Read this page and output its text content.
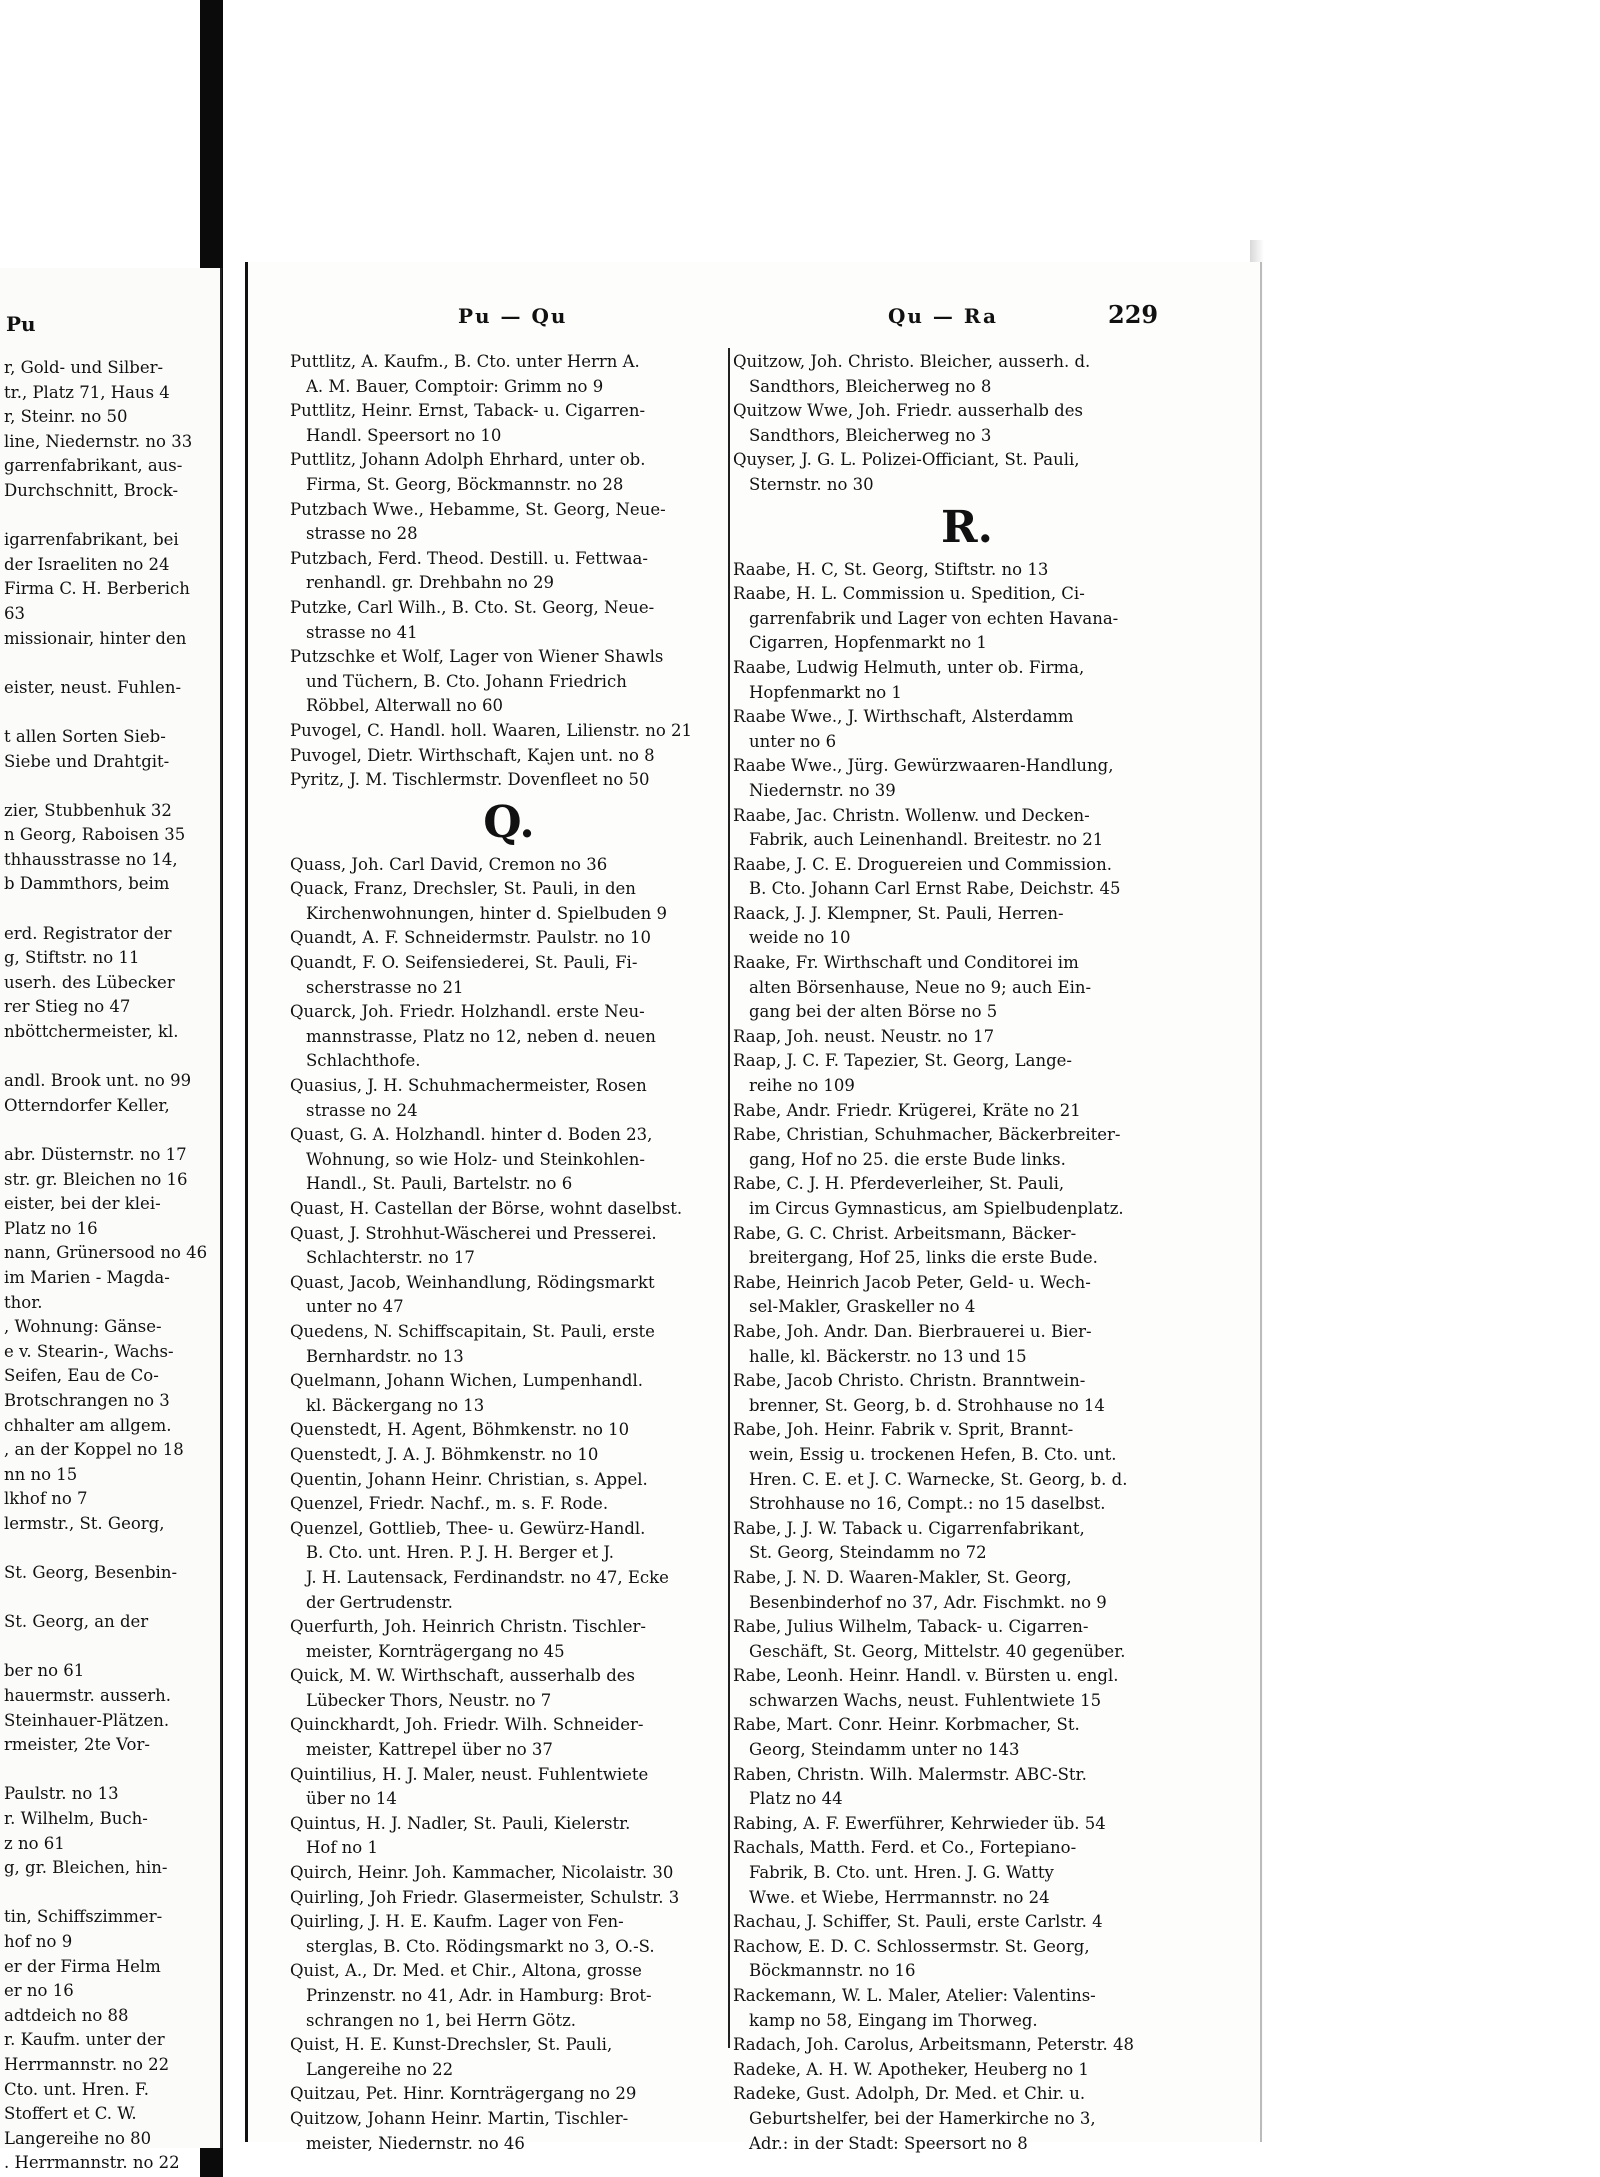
Pu
r, Gold- und Silber-
tr., Platz 71, Haus 4
r, Steinr. no 50
line, Niedernstr. no 33
garrenfabrikant, aus-
Durchschnitt, Brock-
igarrenfabrikant, bei
der Israeliten no 24
Firma C. H. Berberich
63
missionair, hinter den
eister, neust. Fuhlen-
t allen Sorten Sieb-
Siebe und Drahtgit-
zier, Stubbenhuk 32
n Georg, Raboisen 35
thhausstrasse no 14,
b Dammthors, beim
erd. Registrator der
g, Stiftstr. no 11
userh. des Lübecker
rer Stieg no 47
nböttchermeister, kl.
andl. Brook unt. no 99
Otterndorfer Keller,
abr. Düsternstr. no 17
str. gr. Bleichen no 16
eister, bei der klei-
Platz no 16
nann, Grünersood no 46
im Marien - Magda-
thor.
, Wohnung: Gänse-
e v. Stearin-, Wachs-
Seifen, Eau de Co-
Brotschrangen no 3
chhalter am allgem.
, an der Koppel no 18
nn no 15
lkhof no 7
lermstr., St. Georg,
St. Georg, Besenbin-
St. Georg, an der
ber no 61
hauermstr. ausserh.
Steinhauer-Plätzen.
rmeister, 2te Vor-
Paulstr. no 13
r. Wilhelm, Buch-
z no 61
g, gr. Bleichen, hin-
tin, Schiffszimmer-
hof no 9
er der Firma Helm
er no 16
adtdeich no 88
r. Kaufm. unter der
Herrmannstr. no 22
Cto. unt. Hren. F.
Stoffert et C. W.
Langereihe no 80
. Herrmannstr. no 22
Pu — Qu	Qu — Ra	229
Puttlitz, A. Kaufm., B. Cto. unter Herrn A.
A. M. Bauer, Comptoir: Grimm no 9
Puttlitz, Heinr. Ernst, Taback- u. Cigarren-
Handl. Speersort no 10
Puttlitz, Johann Adolph Ehrhard, unter ob.
Firma, St. Georg, Böckmannstr. no 28
Putzbach Wwe., Hebamme, St. Georg, Neue-
strasse no 28
Putzbach, Ferd. Theod. Destill. u. Fettwaa-
renhandl. gr. Drehbahn no 29
Putzke, Carl Wilh., B. Cto. St. Georg, Neue-
strasse no 41
Putzschke et Wolf, Lager von Wiener Shawls
und Tüchern, B. Cto. Johann Friedrich
Röbbel, Alterwall no 60
Puvogel, C. Handl. holl. Waaren, Lilienstr. no 21
Puvogel, Dietr. Wirthschaft, Kajen unt. no 8
Pyritz, J. M. Tischlermstr. Dovenfleet no 50
Q.
Quass, Joh. Carl David, Cremon no 36
Quack, Franz, Drechsler, St. Pauli, in den
Kirchenwohnungen, hinter d. Spielbuden 9
Quandt, A. F. Schneidermstr. Paulstr. no 10
Quandt, F. O. Seifensiederei, St. Pauli, Fi-
scherstrasse no 21
Quarck, Joh. Friedr. Holzhandl. erste Neu-
mannstrasse, Platz no 12, neben d. neuen
Schlachthofe.
Quasius, J. H. Schuhmachermeister, Rosen
strasse no 24
Quast, G. A. Holzhandl. hinter d. Boden 23,
Wohnung, so wie Holz- und Steinkohlen-
Handl., St. Pauli, Bartelstr. no 6
Quast, H. Castellan der Börse, wohnt daselbst.
Quast, J. Strohhut-Wäscherei und Presserei.
Schlachterstr. no 17
Quast, Jacob, Weinhandlung, Rödingsmarkt
unter no 47
Quedens, N. Schiffscapitain, St. Pauli, erste
Bernhardstr. no 13
Quelmann, Johann Wichen, Lumpenhandl.
kl. Bäckergang no 13
Quenstedt, H. Agent, Böhmkenstr. no 10
Quenstedt, J. A. J. Böhmkenstr. no 10
Quentin, Johann Heinr. Christian, s. Appel.
Quenzel, Friedr. Nachf., m. s. F. Rode.
Quenzel, Gottlieb, Thee- u. Gewürz-Handl.
B. Cto. unt. Hren. P. J. H. Berger et J.
J. H. Lautensack, Ferdinandstr. no 47, Ecke
der Gertrudenstr.
Querfurth, Joh. Heinrich Christn. Tischler-
meister, Kornträgergang no 45
Quick, M. W. Wirthschaft, ausserhalb des
Lübecker Thors, Neustr. no 7
Quinckhardt, Joh. Friedr. Wilh. Schneider-
meister, Kattrepel über no 37
Quintilius, H. J. Maler, neust. Fuhlentwiete
über no 14
Quintus, H. J. Nadler, St. Pauli, Kielerstr.
Hof no 1
Quirch, Heinr. Joh. Kammacher, Nicolaistr. 30
Quirling, Joh Friedr. Glasermeister, Schulstr. 3
Quirling, J. H. E. Kaufm. Lager von Fen-
sterglas, B. Cto. Rödingsmarkt no 3, O.-S.
Quist, A., Dr. Med. et Chir., Altona, grosse
Prinzenstr. no 41, Adr. in Hamburg: Brot-
schrangen no 1, bei Herrn Götz.
Quist, H. E. Kunst-Drechsler, St. Pauli,
Langereihe no 22
Quitzau, Pet. Hinr. Kornträgergang no 29
Quitzow, Johann Heinr. Martin, Tischler-
meister, Niedernstr. no 46
Quitzow, Joh. Christo. Bleicher, ausserh. d.
Sandthors, Bleicherweg no 8
Quitzow Wwe, Joh. Friedr. ausserhalb des
Sandthors, Bleicherweg no 3
Quyser, J. G. L. Polizei-Officiant, St. Pauli,
Sternstr. no 30
R.
Raabe, H. C, St. Georg, Stiftstr. no 13
Raabe, H. L. Commission u. Spedition, Ci-
garrenfabrik und Lager von echten Havana-
Cigarren, Hopfenmarkt no 1
Raabe, Ludwig Helmuth, unter ob. Firma,
Hopfenmarkt no 1
Raabe Wwe., J. Wirthschaft, Alsterdamm
unter no 6
Raabe Wwe., Jürg. Gewürzwaaren-Handlung,
Niedernstr. no 39
Raabe, Jac. Christn. Wollenw. und Decken-
Fabrik, auch Leinenhandl. Breitestr. no 21
Raabe, J. C. E. Droguereien und Commission.
B. Cto. Johann Carl Ernst Rabe, Deichstr. 45
Raack, J. J. Klempner, St. Pauli, Herren-
weide no 10
Raake, Fr. Wirthschaft und Conditorei im
alten Börsenhause, Neue no 9; auch Ein-
gang bei der alten Börse no 5
Raap, Joh. neust. Neustr. no 17
Raap, J. C. F. Tapezier, St. Georg, Lange-
reihe no 109
Rabe, Andr. Friedr. Krügerei, Kräte no 21
Rabe, Christian, Schuhmacher, Bäckerbreiter-
gang, Hof no 25. die erste Bude links.
Rabe, C. J. H. Pferdeverleiher, St. Pauli,
im Circus Gymnasticus, am Spielbudenplatz.
Rabe, G. C. Christ. Arbeitsmann, Bäcker-
breitergang, Hof 25, links die erste Bude.
Rabe, Heinrich Jacob Peter, Geld- u. Wech-
sel-Makler, Graskeller no 4
Rabe, Joh. Andr. Dan. Bierbrauerei u. Bier-
halle, kl. Bäckerstr. no 13 und 15
Rabe, Jacob Christo. Christn. Branntwein-
brenner, St. Georg, b. d. Strohhause no 14
Rabe, Joh. Heinr. Fabrik v. Sprit, Brannt-
wein, Essig u. trockenen Hefen, B. Cto. unt.
Hren. C. E. et J. C. Warnecke, St. Georg, b. d.
Strohhause no 16, Compt.: no 15 daselbst.
Rabe, J. J. W. Taback u. Cigarrenfabrikant,
St. Georg, Steindamm no 72
Rabe, J. N. D. Waaren-Makler, St. Georg,
Besenbinderhof no 37, Adr. Fischmkt. no 9
Rabe, Julius Wilhelm, Taback- u. Cigarren-
Geschäft, St. Georg, Mittelstr. 40 gegenüber.
Rabe, Leonh. Heinr. Handl. v. Bürsten u. engl.
schwarzen Wachs, neust. Fuhlentwiete 15
Rabe, Mart. Conr. Heinr. Korbmacher, St.
Georg, Steindamm unter no 143
Raben, Christn. Wilh. Malermstr. ABC-Str.
Platz no 44
Rabing, A. F. Ewerführer, Kehrwieder üb. 54
Rachals, Matth. Ferd. et Co., Fortepiano-
Fabrik, B. Cto. unt. Hren. J. G. Watty
Wwe. et Wiebe, Herrmannstr. no 24
Rachau, J. Schiffer, St. Pauli, erste Carlstr. 4
Rachow, E. D. C. Schlossermstr. St. Georg,
Böckmannstr. no 16
Rackemann, W. L. Maler, Atelier: Valentins-
kamp no 58, Eingang im Thorweg.
Radach, Joh. Carolus, Arbeitsmann, Peterstr. 48
Radeke, A. H. W. Apotheker, Heuberg no 1
Radeke, Gust. Adolph, Dr. Med. et Chir. u.
Geburtshelfer, bei der Hamerkirche no 3,
Adr.: in der Stadt: Speersort no 8
